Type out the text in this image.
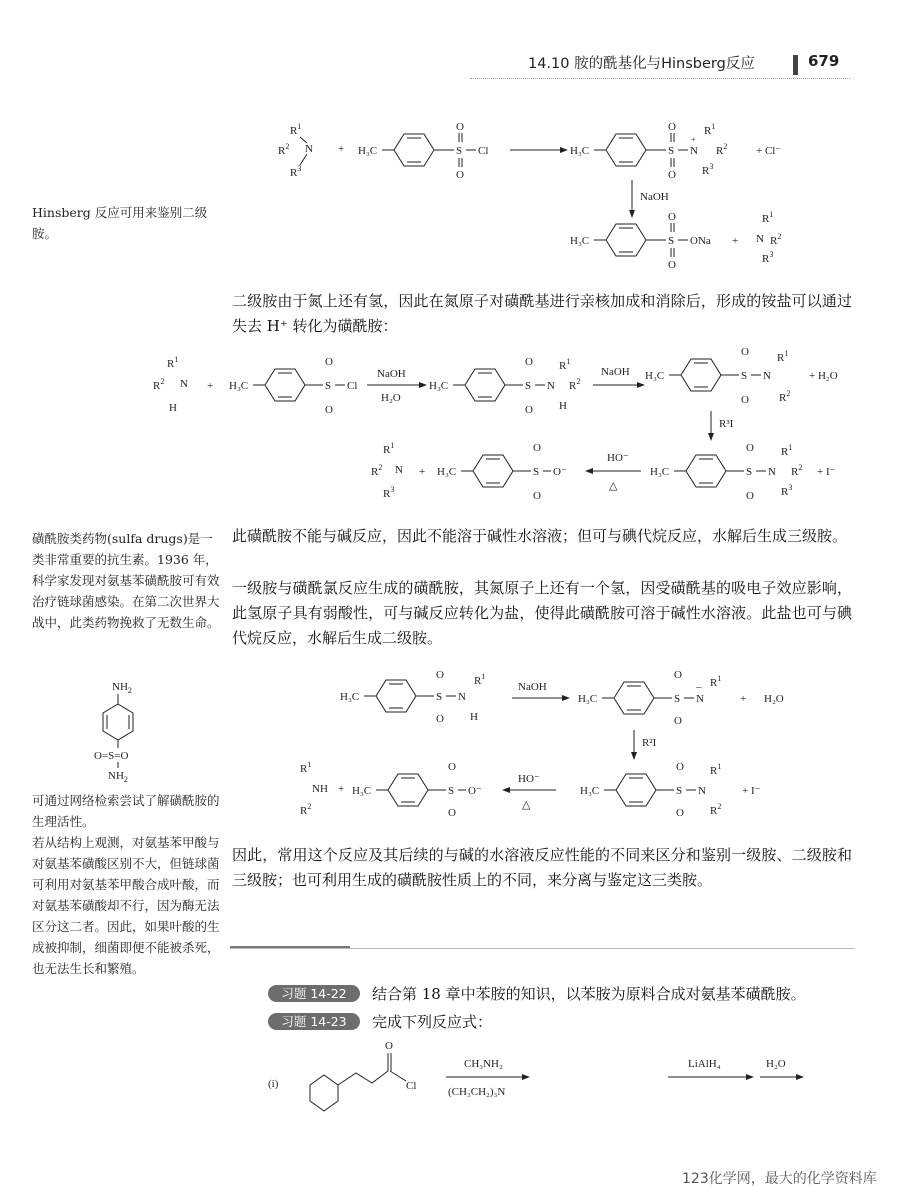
14.10 胺的酰基化与Hinsberg反应	679
Hinsberg 反应可用来鉴别二级胺。
磺酰胺类药物(sulfa drugs)是一类非常重要的抗生素。1936 年，科学家发现对氨基苯磺酰胺可有效治疗链球菌感染。在第二次世界大战中，此类药物挽救了无数生命。
$NH_2$
O=S=O
$NH_2$
可通过网络检索尝试了解磺酰胺的生理活性。
若从结构上观测，对氨基苯甲酸与对氨基苯磺酸区别不大，但链球菌可利用对氨基苯甲酸合成叶酸，而对氨基苯磺酸却不行，因为酶无法区分这二者。因此，如果叶酸的生成被抑制，细菌即便不能被杀死，也无法生长和繁殖。
$R^1$
$R^2$ N
$R^3$
+ H₃C	S
O
O
Cl	H₃C	S
O
O
N
+
$R^1$
$R^2$
$R^3$
+ Cl⁻
NaOH
H₃C	S
O
O
ONa +
$R^1$
N $R^2$
$R^3$
二级胺由于氮上还有氢，因此在氮原子对磺酰基进行亲核加成和消除后，形成的铵盐可以通过失去 H⁺ 转化为磺酰胺：
$R^1$
$R^2$ N
H
+ H₃C	S
O
O
Cl
NaOH
H₂O
H₃C	S
O
O
N
$R^1$
$R^2$
H
NaOH H₃C	S
O
O
N
$R^1$
$R^2$
+ H₂O
R³I
H₃C	S
O
O
N
$R^1$
$R^2$
$R^3$
+ I⁻
HO⁻
△
$R^1$
$R^2$ N
$R^3$
+ H₃C	S
O
O
O⁻
此磺酰胺不能与碱反应，因此不能溶于碱性水溶液；但可与碘代烷反应，水解后生成三级胺。
一级胺与磺酰氯反应生成的磺酰胺，其氮原子上还有一个氢，因受磺酰基的吸电子效应影响，此氢原子具有弱酸性，可与碱反应转化为盐，使得此磺酰胺可溶于碱性水溶液。此盐也可与碘代烷反应，水解后生成二级胺。
H₃C	S
O
O
N
$R^1$
H
NaOH
H₃C	S
O
O
N
– $R^1$
+ H₂O
R²I
H₃C	S
O
O
N
$R^1$
$R^2$
+ I⁻
HO⁻
△
$R^1$
NH
$R^2$
+ H₃C	S
O
O
O⁻
因此，常用这个反应及其后续的与碱的水溶液反应性能的不同来区分和鉴别一级胺、二级胺和三级胺；也可利用生成的磺酰胺性质上的不同，来分离与鉴定这三类胺。
习题 14-22	结合第 18 章中苯胺的知识，以苯胺为原料合成对氨基苯磺酰胺。
习题 14-23	完成下列反应式：
(i)
O
Cl
CH₃NH₂
(CH₃CH₂)₃N
LiAlH₄	H₂O
123化学网，最大的化学资料库
